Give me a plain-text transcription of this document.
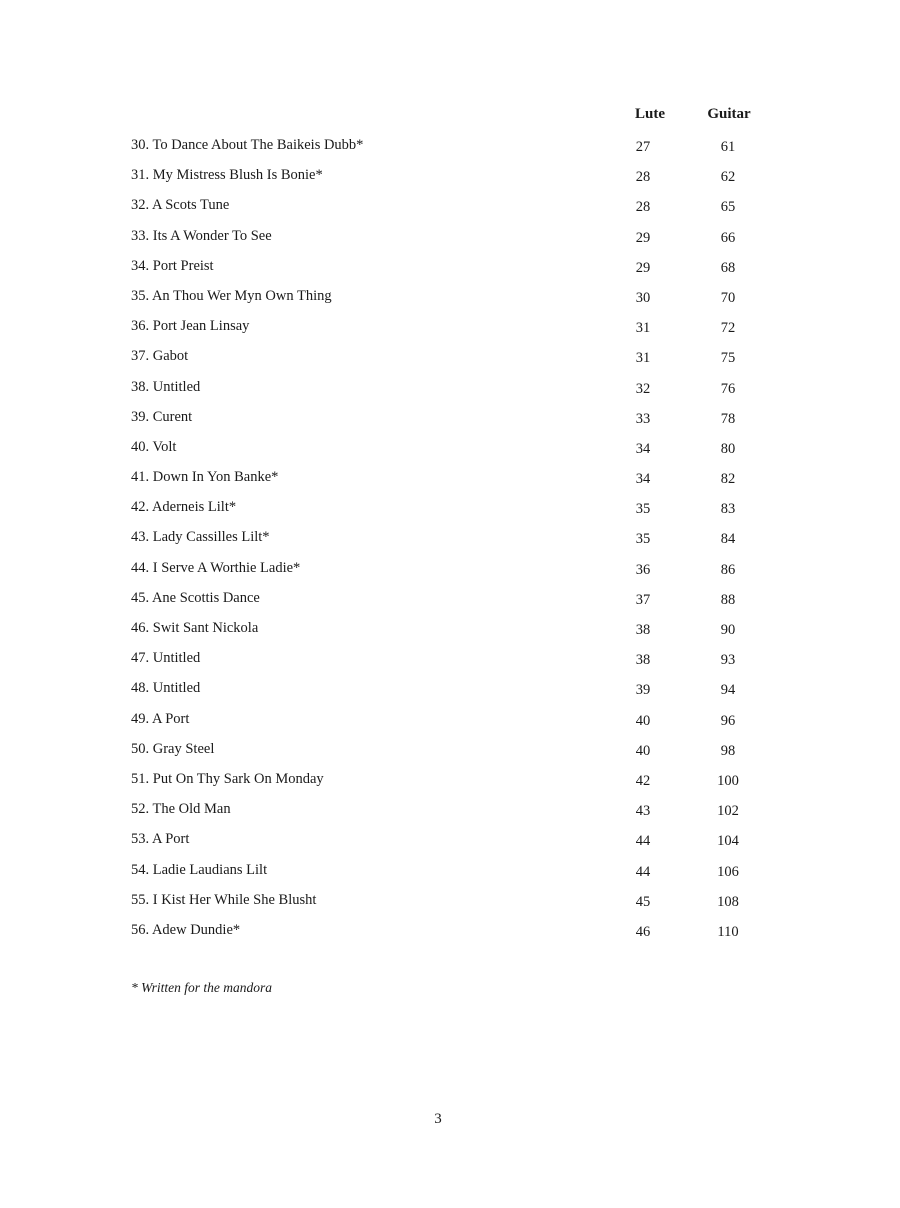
Lute	Guitar
30. To Dance About The Baikeis Dubb*	27	61
31. My Mistress Blush Is Bonie*	28	62
32. A Scots Tune	28	65
33. Its A Wonder To See	29	66
34. Port Preist	29	68
35. An Thou Wer Myn Own Thing	30	70
36. Port Jean Linsay	31	72
37. Gabot	31	75
38. Untitled	32	76
39. Curent	33	78
40. Volt	34	80
41. Down In Yon Banke*	34	82
42. Aderneis Lilt*	35	83
43. Lady Cassilles Lilt*	35	84
44. I Serve A Worthie Ladie*	36	86
45. Ane Scottis Dance	37	88
46. Swit Sant Nickola	38	90
47. Untitled	38	93
48. Untitled	39	94
49. A Port	40	96
50. Gray Steel	40	98
51. Put On Thy Sark On Monday	42	100
52. The Old Man	43	102
53. A Port	44	104
54. Ladie Laudians Lilt	44	106
55. I Kist Her While She Blusht	45	108
56. Adew Dundie*	46	110
* Written for the mandora
3
